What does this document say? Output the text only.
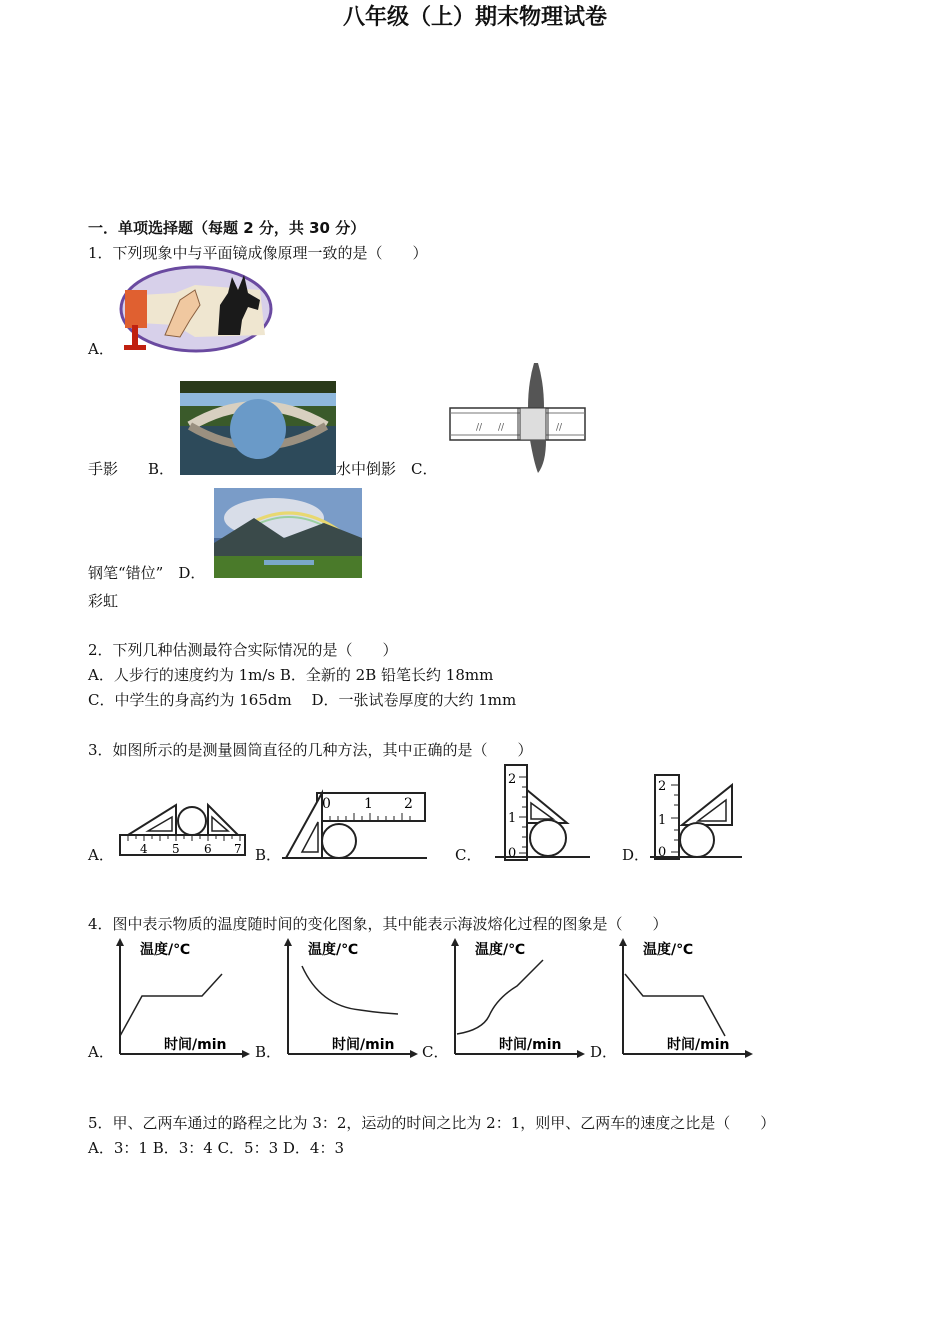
八年级（上）期末物理试卷
一．单项选择题（每题 2 分，共 30 分）
1．下列现象中与平面镜成像原理一致的是（　　）
A．
手影　　B．	水中倒影　C．
// //	//
钢笔“错位”　D．
彩虹
2．下列几种估测最符合实际情况的是（　　）
A．人步行的速度约为 1m/s B．全新的 2B 铅笔长约 18mm
C．中学生的身高约为 165dm　 D．一张试卷厚度的大约 1mm
3．如图所示的是测量圆筒直径的几种方法，其中正确的是（　　）
4 5 6 7
A．
0 1 2
B．
2
1
0
C．
2
1
0
D．
4．图中表示物质的温度随时间的变化图象，其中能表示海波熔化过程的图象是（　　）
温度/℃
时间/min
A．
温度/℃
时间/min
B．
温度/℃
时间/min
C．
温度/℃
时间/min
D．
5．甲、乙两车通过的路程之比为 3：2，运动的时间之比为 2：1，则甲、乙两车的速度之比是（　　）
A．3：1 B．3：4 C．5：3 D．4：3
